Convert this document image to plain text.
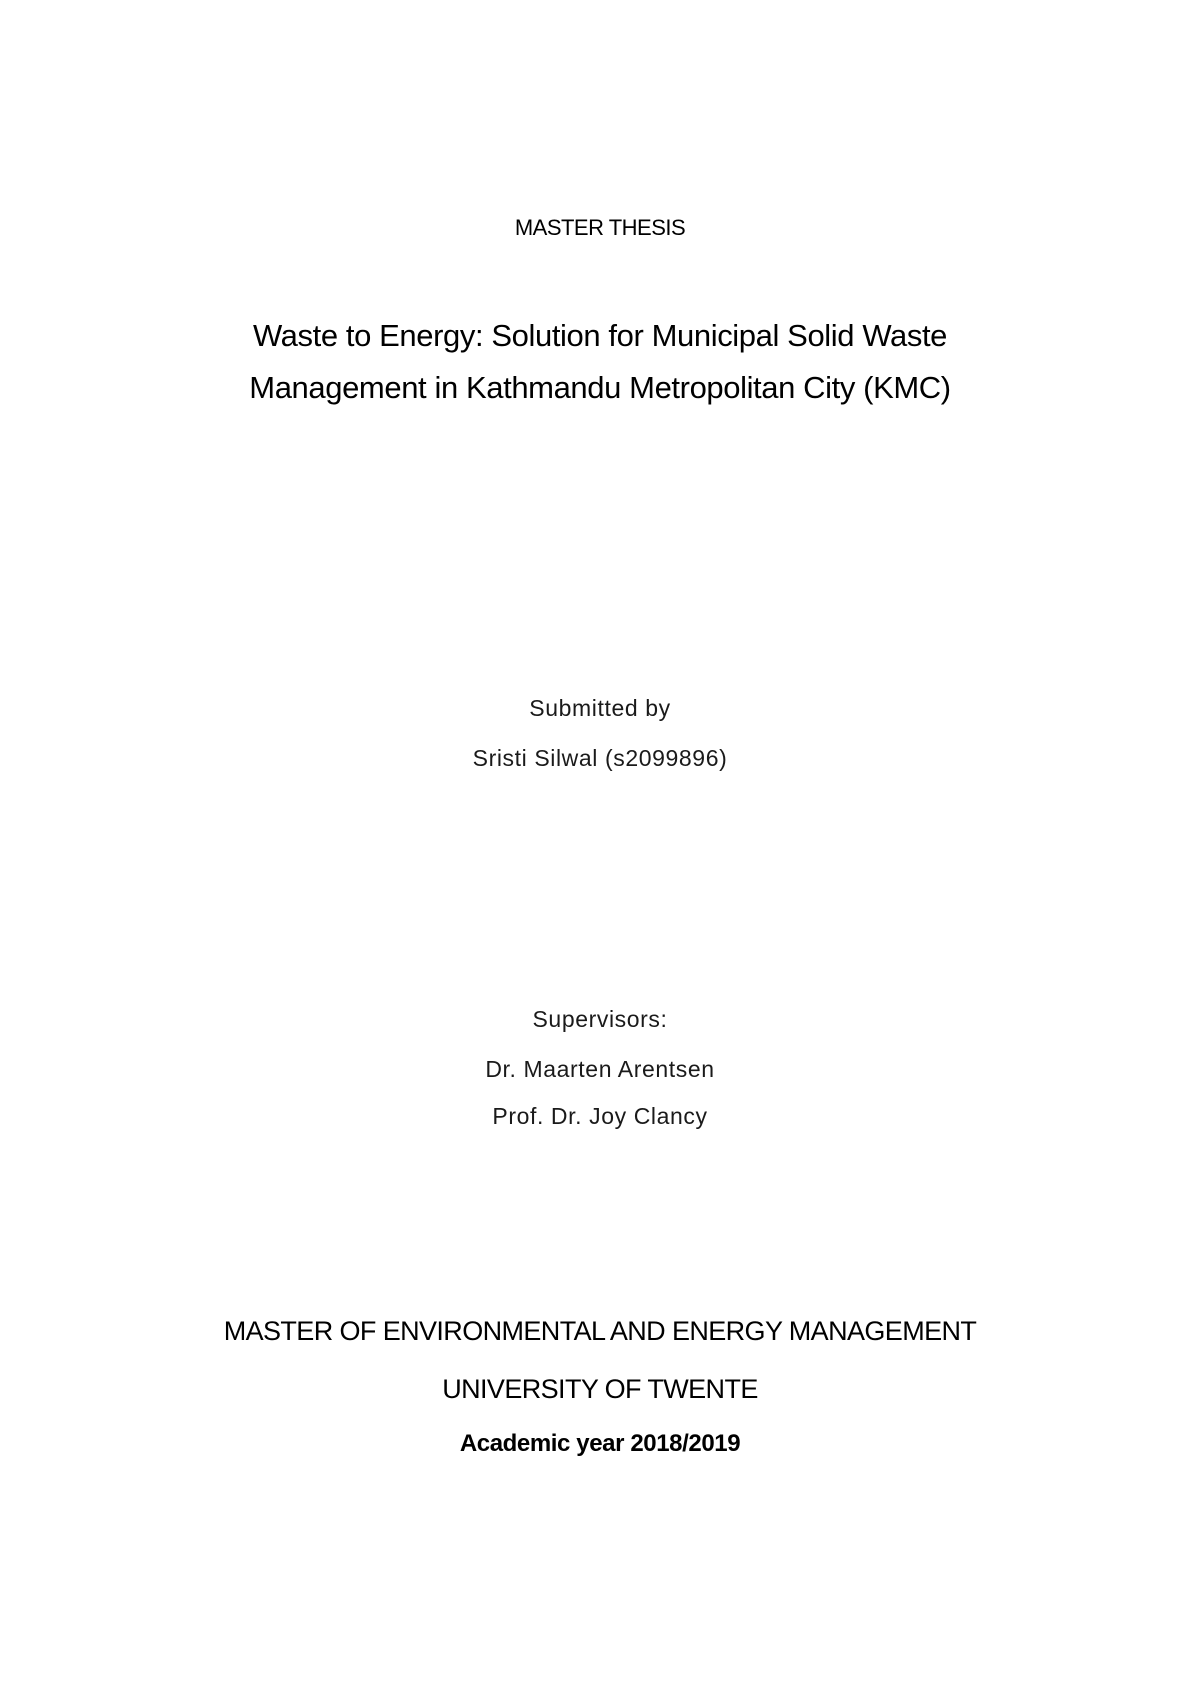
MASTER THESIS
Waste to Energy: Solution for Municipal Solid Waste
Management in Kathmandu Metropolitan City (KMC)
Submitted by
Sristi Silwal (s2099896)
Supervisors:
Dr. Maarten Arentsen
Prof. Dr. Joy Clancy
MASTER OF ENVIRONMENTAL AND ENERGY MANAGEMENT
UNIVERSITY OF TWENTE
Academic year 2018/2019
